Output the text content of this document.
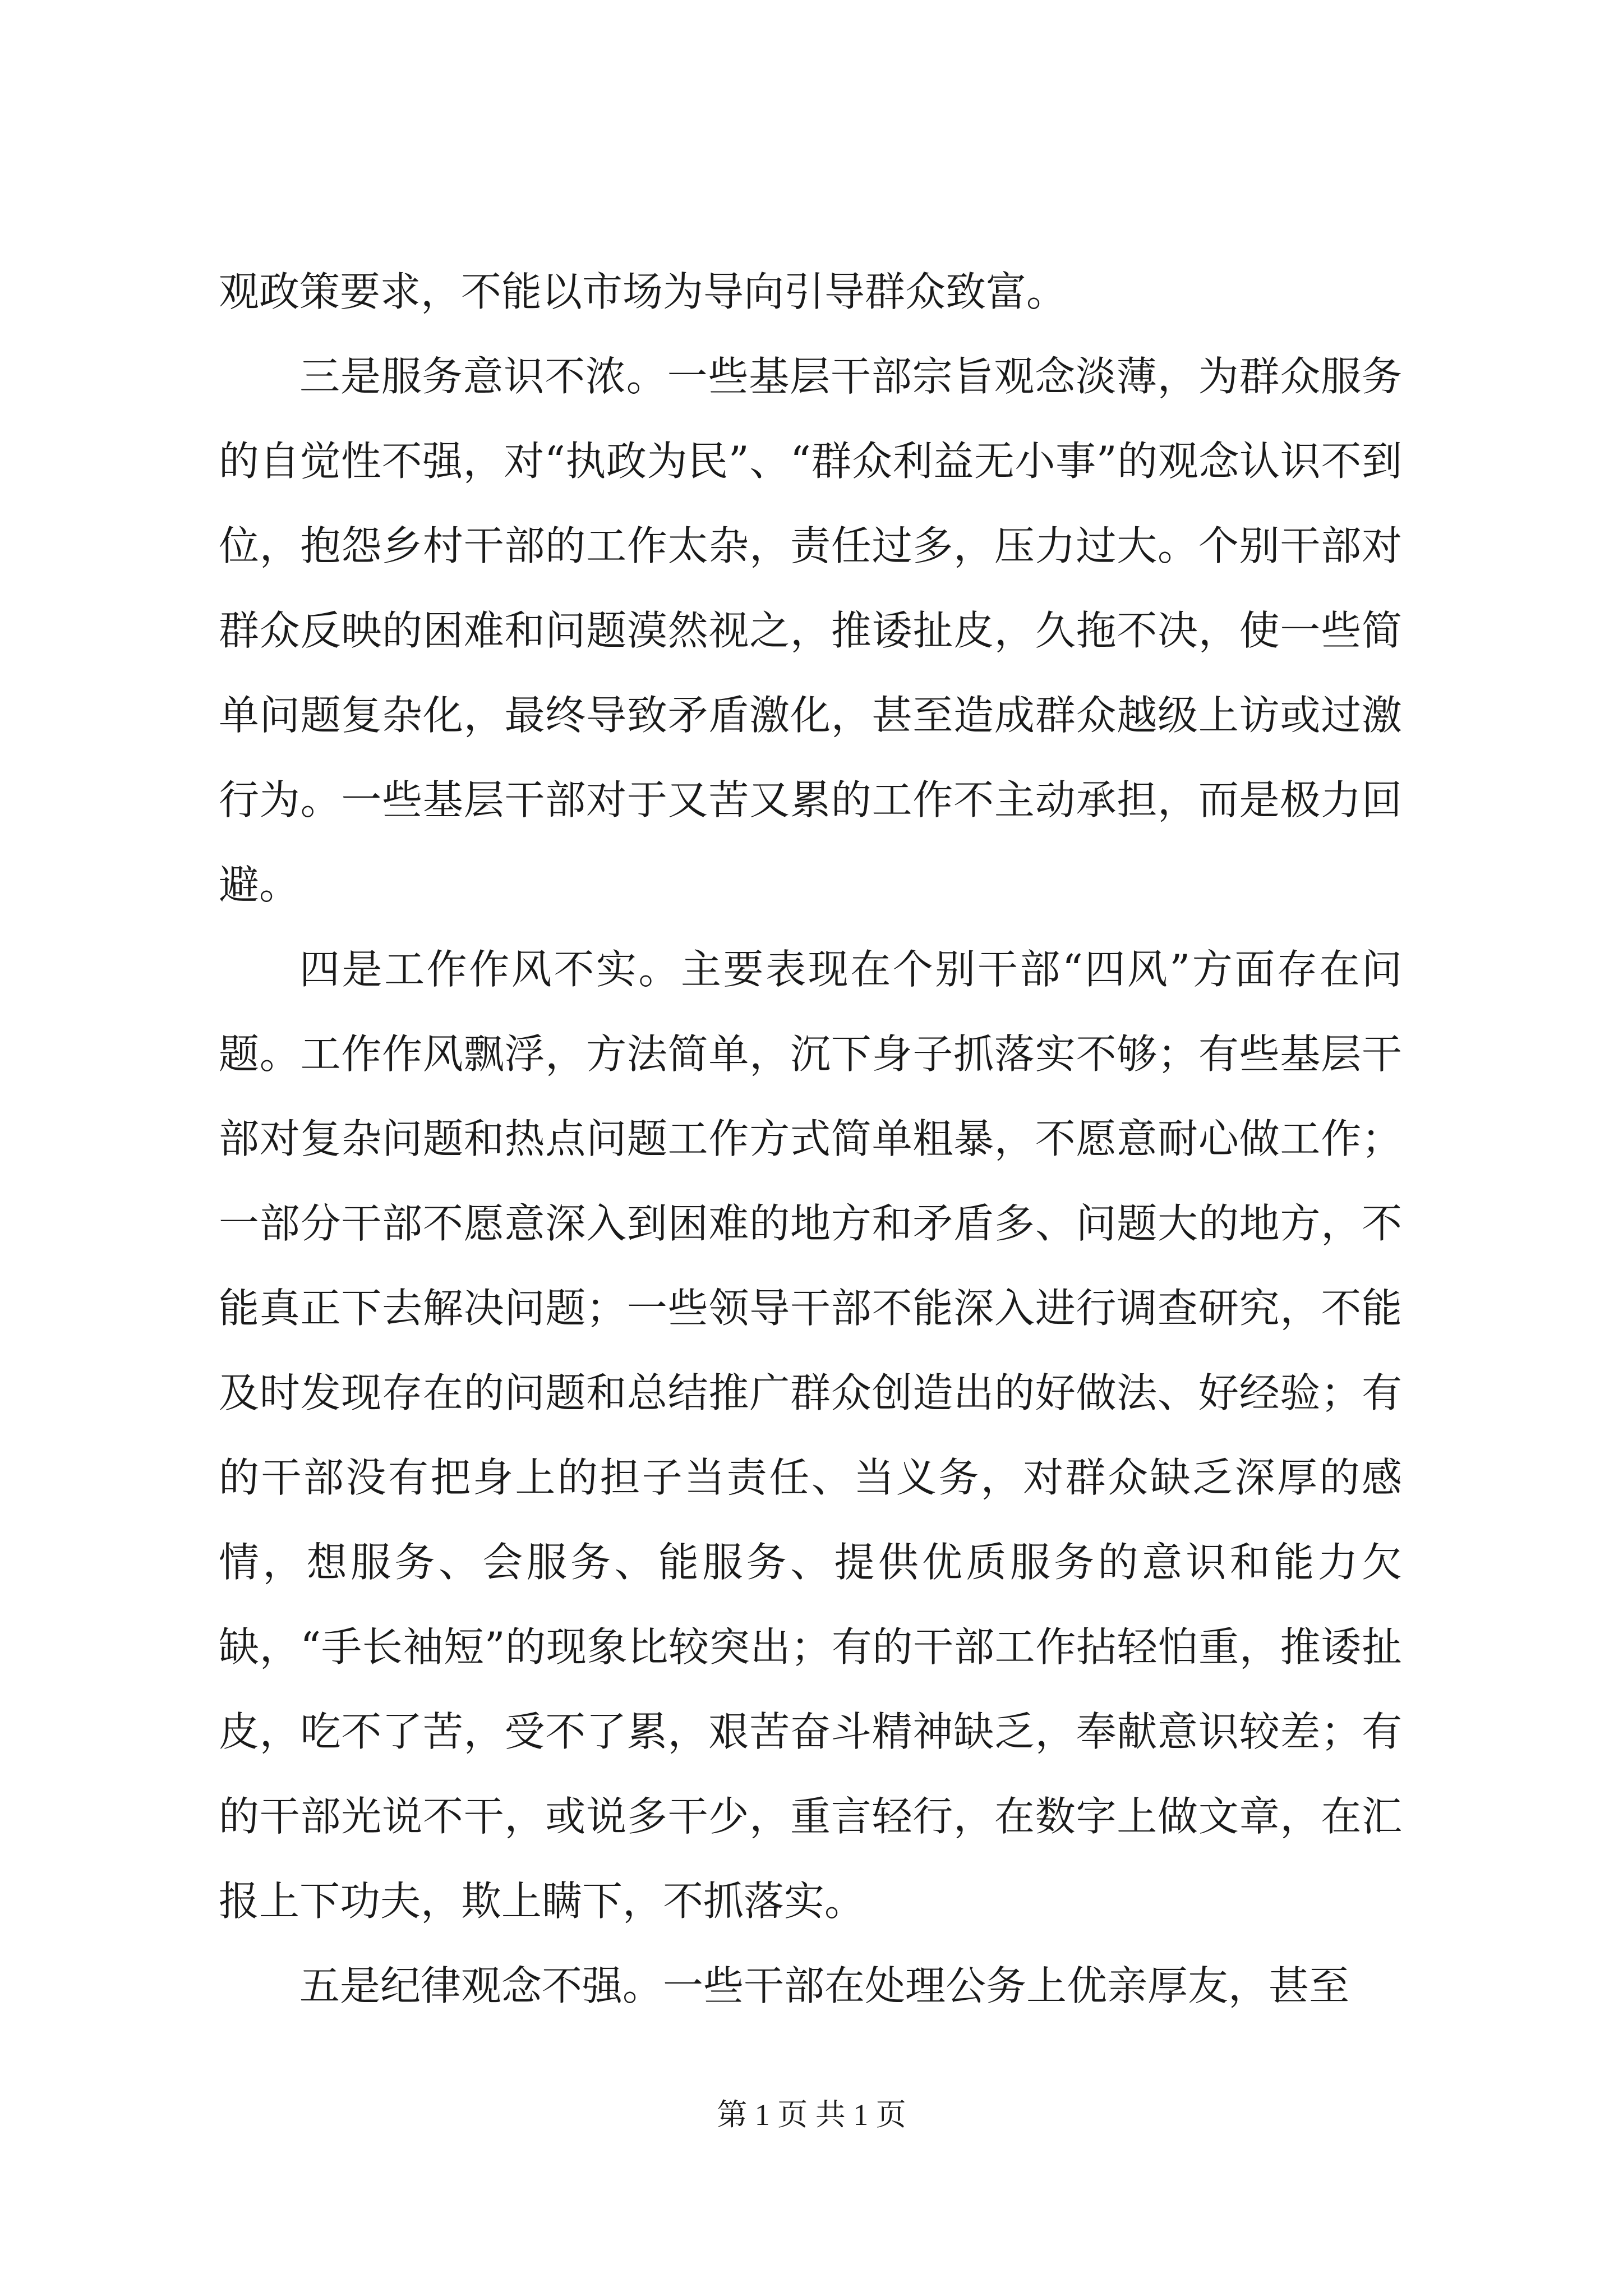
观政策要求，不能以市场为导向引导群众致富。

三是服务意识不浓。一些基层干部宗旨观念淡薄，为群众服务的自觉性不强，对“执政为民”、“群众利益无小事”的观念认识不到位，抱怨乡村干部的工作太杂，责任过多，压力过大。个别干部对群众反映的困难和问题漠然视之，推诿扯皮，久拖不决，使一些简单问题复杂化，最终导致矛盾激化，甚至造成群众越级上访或过激行为。一些基层干部对于又苦又累的工作不主动承担，而是极力回避。

四是工作作风不实。主要表现在个别干部“四风”方面存在问题。工作作风飘浮，方法简单，沉下身子抓落实不够；有些基层干部对复杂问题和热点问题工作方式简单粗暴，不愿意耐心做工作；一部分干部不愿意深入到困难的地方和矛盾多、问题大的地方，不能真正下去解决问题；一些领导干部不能深入进行调查研究，不能及时发现存在的问题和总结推广群众创造出的好做法、好经验；有的干部没有把身上的担子当责任、当义务，对群众缺乏深厚的感情，想服务、会服务、能服务、提供优质服务的意识和能力欠缺，“手长袖短”的现象比较突出；有的干部工作拈轻怕重，推诿扯皮，吃不了苦，受不了累，艰苦奋斗精神缺乏，奉献意识较差；有的干部光说不干，或说多干少，重言轻行，在数字上做文章，在汇报上下功夫，欺上瞒下，不抓落实。

五是纪律观念不强。一些干部在处理公务上优亲厚友，甚至

第 1 页 共 1 页
